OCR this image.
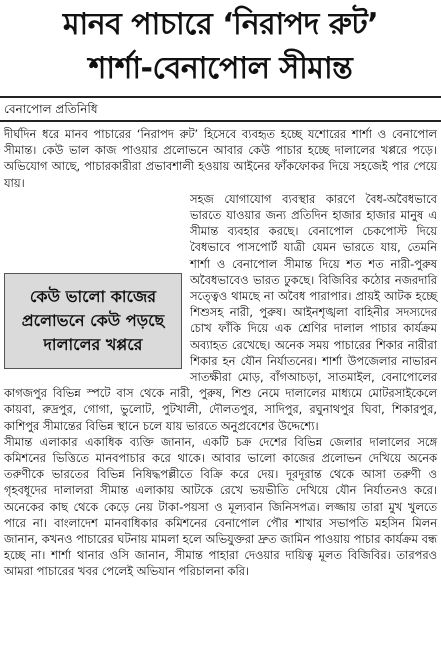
মানব পাচারে ‘নিরাপদ রুট’
শার্শা-বেনাপোল সীমান্ত
বেনাপোল প্রতিনিধি

দীর্ঘদিন ধরে মানব পাচারের ‘নিরাপদ রুট’ হিসেবে ব্যবহৃত হচ্ছে যশোরের শার্শা ও বেনাপোল সীমান্ত। কেউ ভাল কাজ পাওয়ার প্রলোভনে আবার কেউ পাচার হচ্ছে দালালের খপ্পরে পড়ে। অভিযোগ আছে, পাচারকারীরা প্রভাবশালী হওয়ায় আইনের ফাঁকফোকর দিয়ে সহজেই পার পেয়ে যায়।

কেউ ভালো কাজের প্রলোভনে কেউ পড়ছে দালালের খপ্পরে

সহজ যোগাযোগ ব্যবস্থার কারণে বৈধ-অবৈধভাবে ভারতে যাওয়ার জন্য প্রতিদিন হাজার হাজার মানুষ এ সীমান্ত ব্যবহার করছে। বেনাপোল চেকপোস্ট দিয়ে বৈধভাবে পাসপোর্ট যাত্রী যেমন ভারতে যায়, তেমনি শার্শা ও বেনাপোল সীমান্ত দিয়ে শত শত নারী-পুরুষ অবৈধভাবেও ভারত ঢুকছে। বিজিবির কঠোর নজরদারি সত্ত্বেও থামছে না অবৈধ পারাপার। প্রায়ই আটক হচ্ছে শিশুসহ নারী, পুরুষ। আইনশৃঙ্খলা বাহিনীর সদস্যদের চোখ ফাঁকি দিয়ে এক শ্রেণির দালাল পাচার কার্যক্রম অব্যাহত রেখেছে। অনেক সময় পাচারের শিকার নারীরা শিকার হন যৌন নির্যাতনের। শার্শা উপজেলার নাভারন সাতক্ষীরা মোড়, বাঁগআচড়া, সাতমাইল, বেনাপোলের কাগজপুর বিভিন্ন স্পটে বাস থেকে নারী, পুরুষ, শিশু নেমে দালালের মাধ্যমে মোটরসাইকেলে কায়বা, রুদ্রপুর, গোগা, ভুলোট, পুটখালী, দৌলতপুর, সাদিপুর, রঘুনাথপুর ঘিবা, শিকারপুর, কাশিপুর সীমান্তের বিভিন্ন স্থানে চলে যায় ভারতে অনুপ্রবেশের উদ্দেশ্যে।

সীমান্ত এলাকার একাধিক ব্যক্তি জানান, একটি চক্র দেশের বিভিন্ন জেলার দালালের সঙ্গে কমিশনের ভিত্তিতে মানবপাচার করে থাকে। আবার ভালো কাজের প্রলোভন দেখিয়ে অনেক তরুণীকে ভারতের বিভিন্ন নিষিদ্ধপল্লীতে বিক্রি করে দেয়। দূরদূরান্ত থেকে আসা তরুণী ও গৃহবধূদের দালালরা সীমান্ত এলাকায় আটকে রেখে ভয়ভীতি দেখিয়ে যৌন নির্যাতনও করে। অনেকের কাছ থেকে কেড়ে নেয় টাকা-পয়সা ও মূল্যবান জিনিসপত্র। লজ্জায় তারা মুখ খুলতে পারে না। বাংলাদেশ মানবাধিকার কমিশনের বেনাপোল পৌর শাখার সভাপতি মহসিন মিলন জানান, কখনও পাচারের ঘটনায় মামলা হলে অভিযুক্তরা দ্রুত জামিন পাওয়ায় পাচার কার্যক্রম বন্ধ হচ্ছে না। শার্শা থানার ওসি জানান, সীমান্ত পাহারা দেওয়ার দায়িত্ব মূলত বিজিবির। তারপরও আমরা পাচারের খবর পেলেই অভিযান পরিচালনা করি।
